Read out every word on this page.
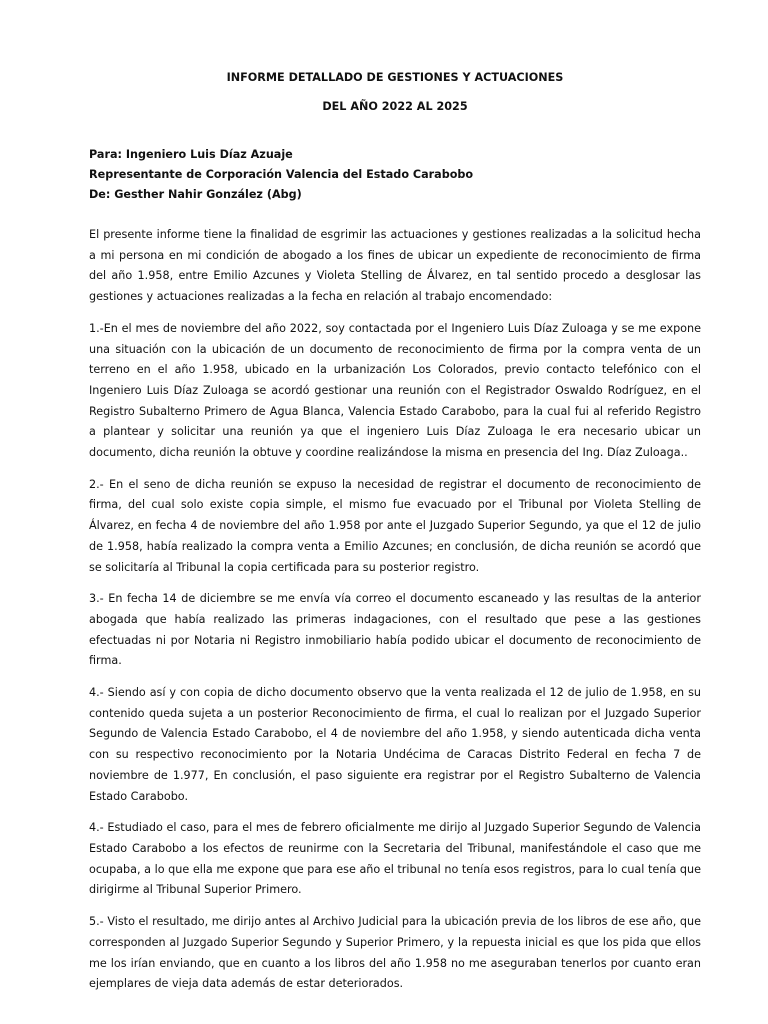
INFORME DETALLADO DE GESTIONES Y ACTUACIONES

DEL AÑO 2022 AL 2025

Para: Ingeniero Luis Díaz Azuaje
Representante de Corporación Valencia del Estado Carabobo
De: Gesther Nahir González (Abg)

El presente informe tiene la finalidad de esgrimir las actuaciones y gestiones realizadas a la solicitud hecha a mi persona en mi condición de abogado a los fines de ubicar un expediente de reconocimiento de firma del año 1.958, entre Emilio Azcunes y Violeta Stelling de Álvarez, en tal sentido procedo a desglosar las gestiones y actuaciones realizadas a la fecha en relación al trabajo encomendado:

1.-En el mes de noviembre del año 2022, soy contactada por el Ingeniero Luis Díaz Zuloaga y se me expone una situación con la ubicación de un documento de reconocimiento de firma por la compra venta de un terreno en el año 1.958, ubicado en la urbanización Los Colorados, previo contacto telefónico con el Ingeniero Luis Díaz Zuloaga se acordó gestionar una reunión con el Registrador Oswaldo Rodríguez, en el Registro Subalterno Primero de Agua Blanca, Valencia Estado Carabobo, para la cual fui al referido Registro a plantear y solicitar una reunión ya que el ingeniero Luis Díaz Zuloaga le era necesario ubicar un documento, dicha reunión la obtuve y coordine realizándose la misma en presencia del Ing. Díaz Zuloaga..

2.- En el seno de dicha reunión se expuso la necesidad de registrar el documento de reconocimiento de firma, del cual solo existe copia simple, el mismo fue evacuado por el Tribunal por Violeta Stelling de Álvarez, en fecha 4 de noviembre del año 1.958 por ante el Juzgado Superior Segundo, ya que el 12 de julio de 1.958, había realizado la compra venta a Emilio Azcunes; en conclusión, de dicha reunión se acordó que se solicitaría al Tribunal la copia certificada para su posterior registro.

3.- En fecha 14 de diciembre se me envía vía correo el documento escaneado y las resultas de la anterior abogada que había realizado las primeras indagaciones, con el resultado que pese a las gestiones efectuadas ni por Notaria ni Registro inmobiliario había podido ubicar el documento de reconocimiento de firma.

4.- Siendo así y con copia de dicho documento observo que la venta realizada el 12 de julio de 1.958, en su contenido queda sujeta a un posterior Reconocimiento de firma, el cual lo realizan por el Juzgado Superior Segundo de Valencia Estado Carabobo, el 4 de noviembre del año 1.958, y siendo autenticada dicha venta con su respectivo reconocimiento por la Notaria Undécima de Caracas Distrito Federal en fecha 7 de noviembre de 1.977, En conclusión, el paso siguiente era registrar por el Registro Subalterno de Valencia Estado Carabobo.

4.- Estudiado el caso, para el mes de febrero oficialmente me dirijo al Juzgado Superior Segundo de Valencia Estado Carabobo a los efectos de reunirme con la Secretaria del Tribunal, manifestándole el caso que me ocupaba, a lo que ella me expone que para ese año el tribunal no tenía esos registros, para lo cual tenía que dirigirme al Tribunal Superior Primero.

5.- Visto el resultado, me dirijo antes al Archivo Judicial para la ubicación previa de los libros de ese año, que corresponden al Juzgado Superior Segundo y Superior Primero, y la repuesta inicial es que los pida que ellos me los irían enviando, que en cuanto a los libros del año 1.958 no me aseguraban tenerlos por cuanto eran ejemplares de vieja data además de estar deteriorados.
